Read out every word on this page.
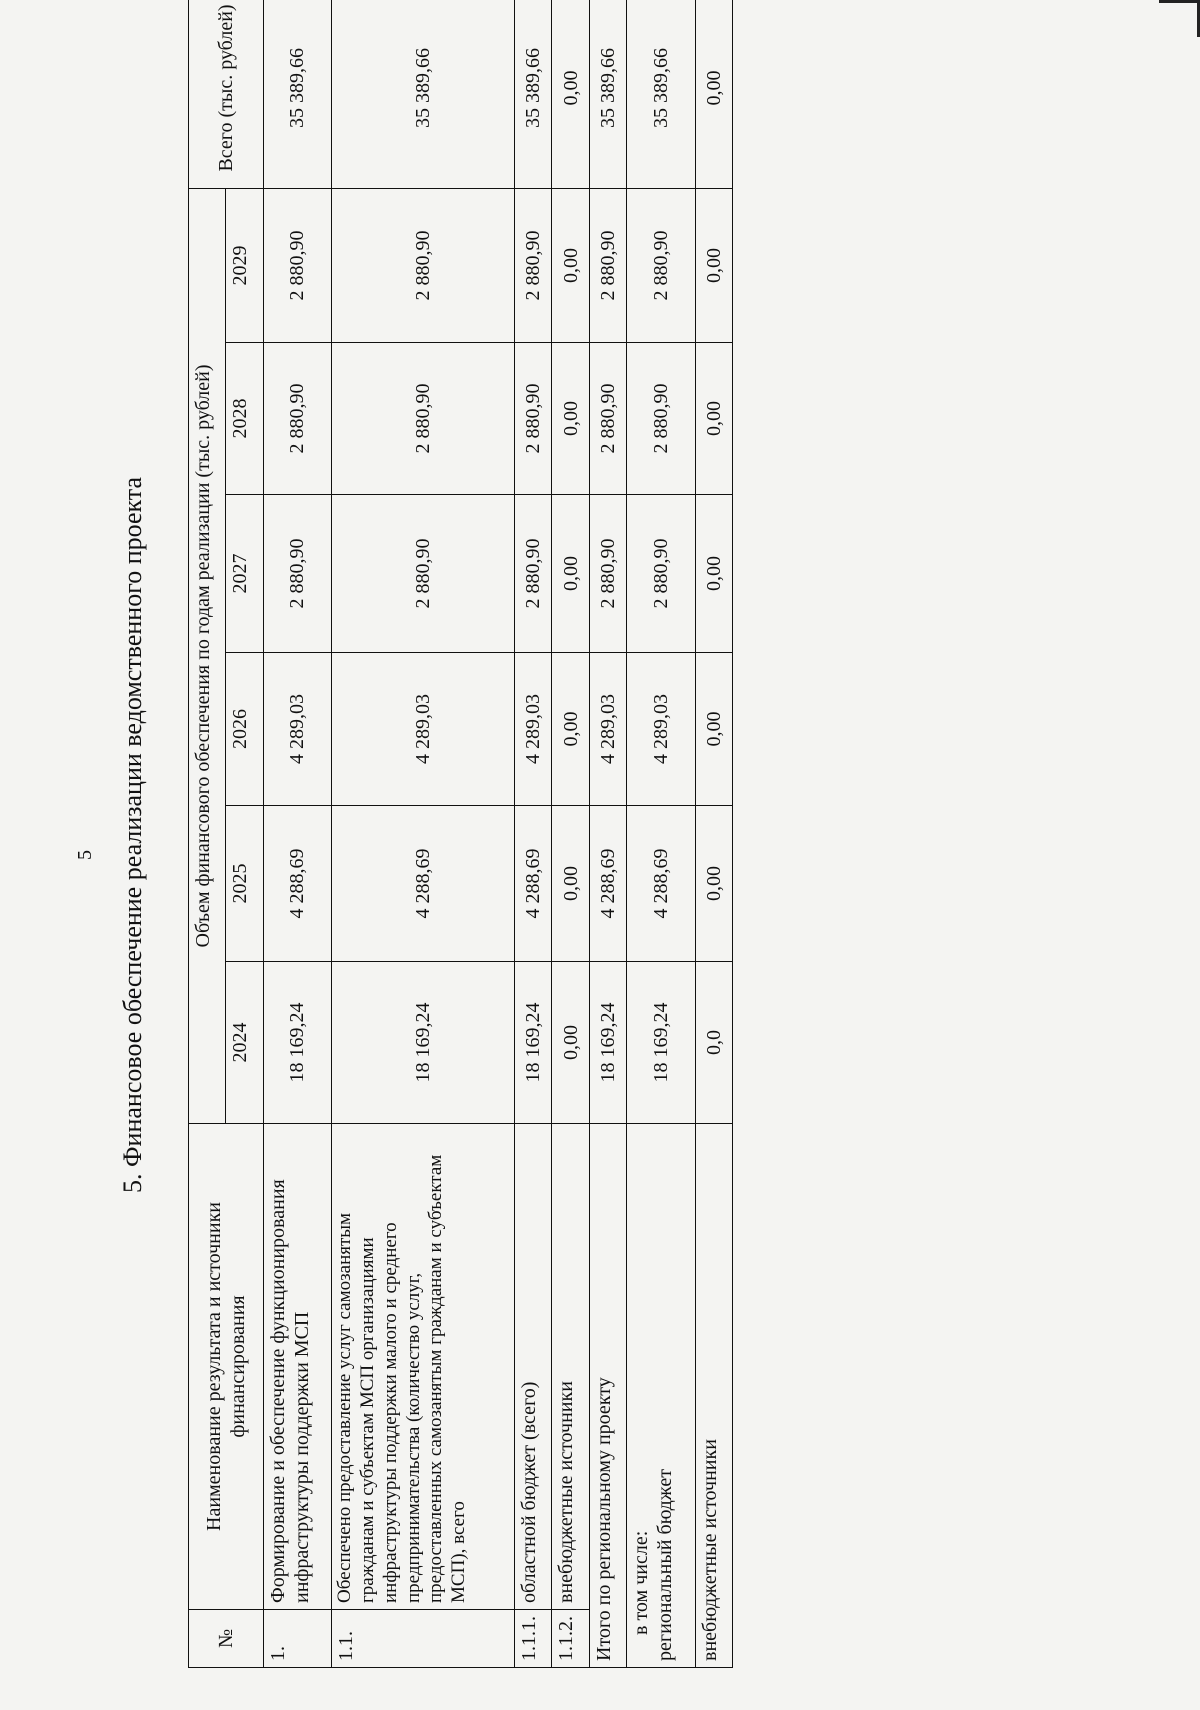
5 5. Финансовое обеспечение реализации ведомственного проекта
№	Наименование результата и источники финансирования	Объем финансового обеспечения по годам реализации (тыс. рублей)						Всего (тыс. рублей)
		2024	2025	2026	2027	2028	2029	
1.	Формирование и обеспечение функционирования инфраструктуры поддержки МСП	18 169,24	4 288,69	4 289,03	2 880,90	2 880,90	2 880,90	35 389,66
1.1.	Обеспечено предоставление услуг самозанятым гражданам и субъектам МСП организациями инфраструктуры поддержки малого и среднего предпринимательства (количество услуг, предоставленных самозанятым гражданам и субъектам МСП), всего	18 169,24	4 288,69	4 289,03	2 880,90	2 880,90	2 880,90	35 389,66
1.1.1.	областной бюджет (всего)	18 169,24	4 288,69	4 289,03	2 880,90	2 880,90	2 880,90	35 389,66
1.1.2.	внебюджетные источники	0,00	0,00	0,00	0,00	0,00	0,00	0,00
Итого по региональному проекту		18 169,24	4 288,69	4 289,03	2 880,90	2 880,90	2 880,90	35 389,66

в том числе: региональный бюджет		18 169,24	4 288,69	4 289,03	2 880,90	2 880,90	2 880,90	35 389,66
внебюджетные источники		0,0	0,00	0,00	0,00	0,00	0,00	0,00
